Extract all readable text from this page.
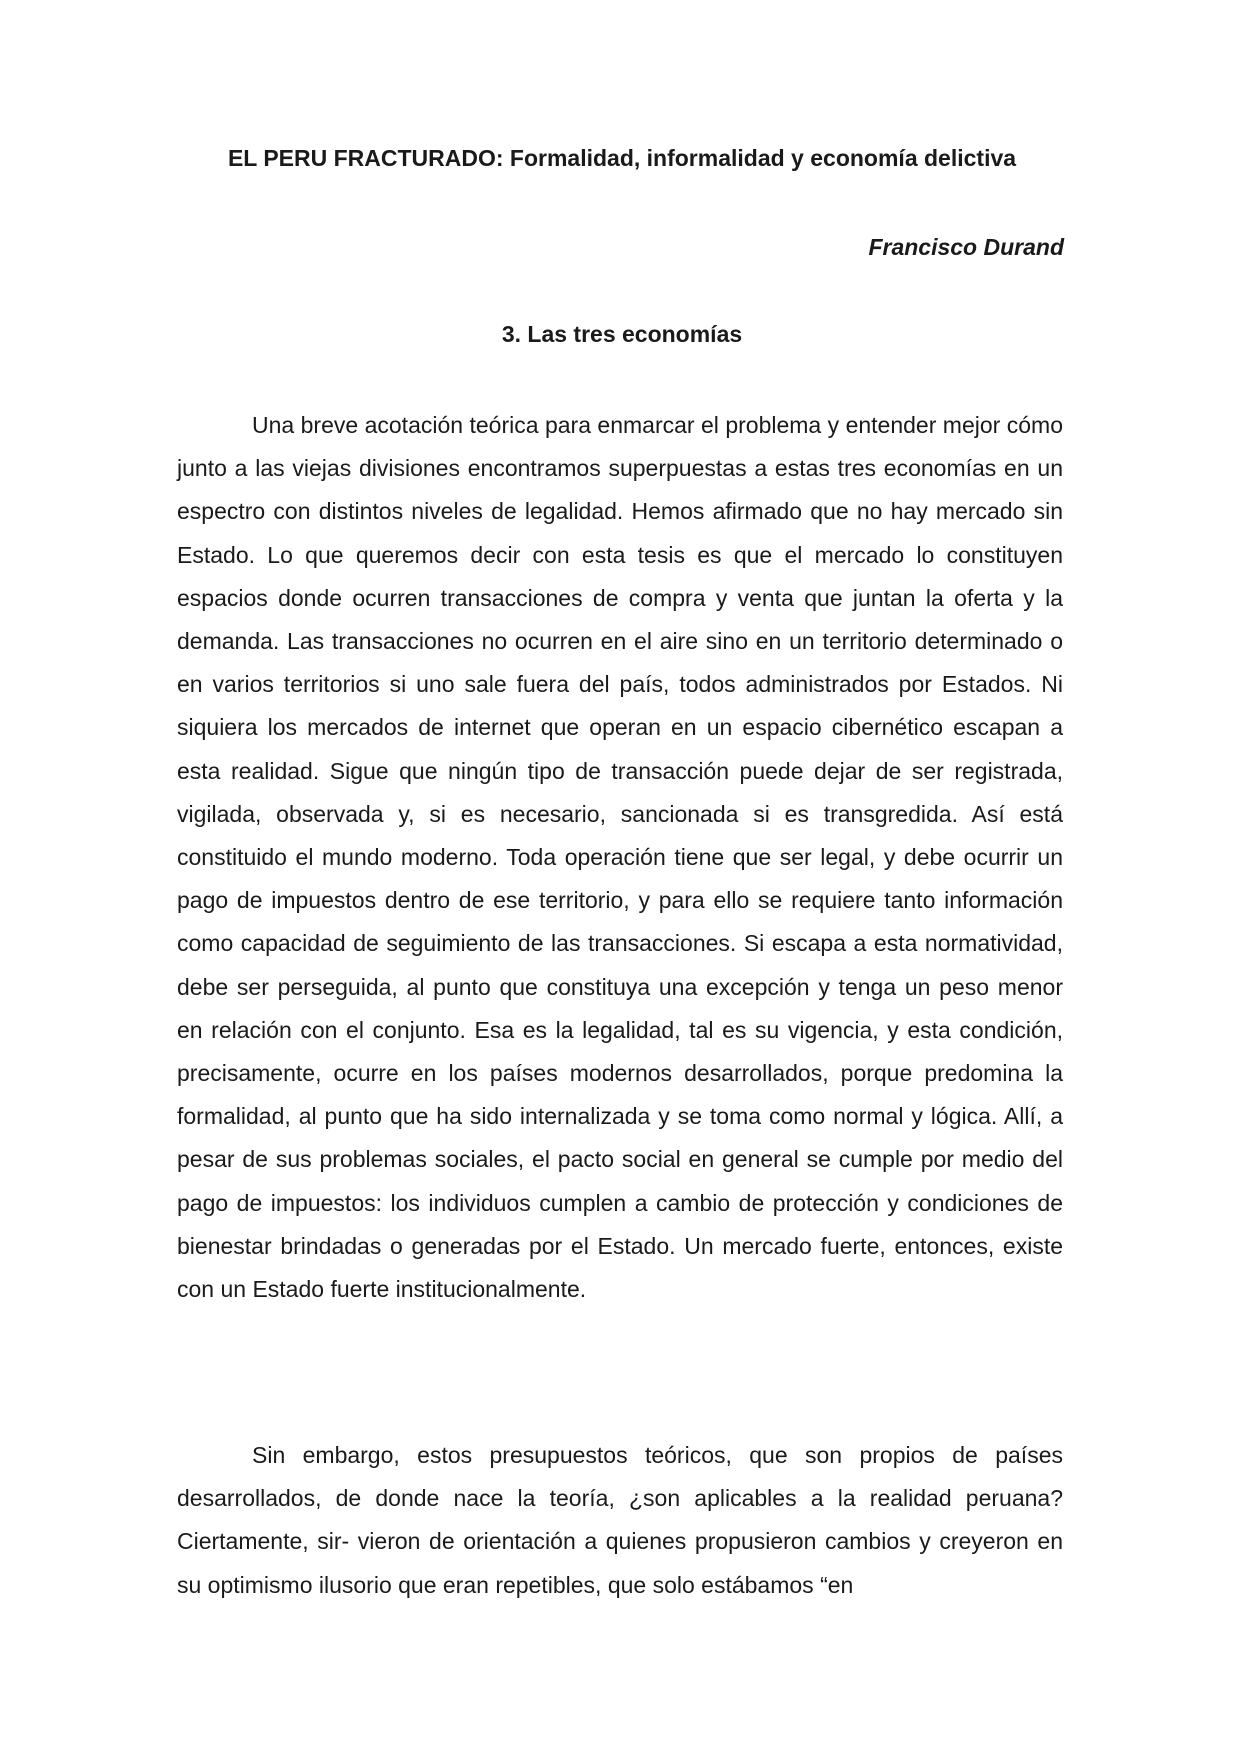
EL PERU FRACTURADO: Formalidad, informalidad y economía delictiva

Francisco Durand

3. Las tres economías

Una breve acotación teórica para enmarcar el problema y entender mejor cómo junto a las viejas divisiones encontramos superpuestas a estas tres economías en un espectro con distintos niveles de legalidad. Hemos afirmado que no hay mercado sin Estado. Lo que queremos decir con esta tesis es que el mercado lo constituyen espacios donde ocurren transacciones de compra y venta que juntan la oferta y la demanda. Las transacciones no ocurren en el aire sino en un territorio determinado o en varios territorios si uno sale fuera del país, todos administrados por Estados. Ni siquiera los mercados de internet que operan en un espacio cibernético escapan a esta realidad. Sigue que ningún tipo de transacción puede dejar de ser registrada, vigilada, observada y, si es necesario, sancionada si es transgredida. Así está constituido el mundo moderno. Toda operación tiene que ser legal, y debe ocurrir un pago de impuestos dentro de ese territorio, y para ello se requiere tanto información como capacidad de seguimiento de las transacciones. Si escapa a esta normatividad, debe ser perseguida, al punto que constituya una excepción y tenga un peso menor en relación con el conjunto. Esa es la legalidad, tal es su vigencia, y esta condición, precisamente, ocurre en los países modernos desarrollados, porque predomina la formalidad, al punto que ha sido internalizada y se toma como normal y lógica. Allí, a pesar de sus problemas sociales, el pacto social en general se cumple por medio del pago de impuestos: los individuos cumplen a cambio de protección y condiciones de bienestar brindadas o generadas por el Estado. Un mercado fuerte, entonces, existe con un Estado fuerte institucionalmente.

Sin embargo, estos presupuestos teóricos, que son propios de países desarrollados, de donde nace la teoría, ¿son aplicables a la realidad peruana? Ciertamente, sir- vieron de orientación a quienes propusieron cambios y creyeron en su optimismo ilusorio que eran repetibles, que solo estábamos “en
